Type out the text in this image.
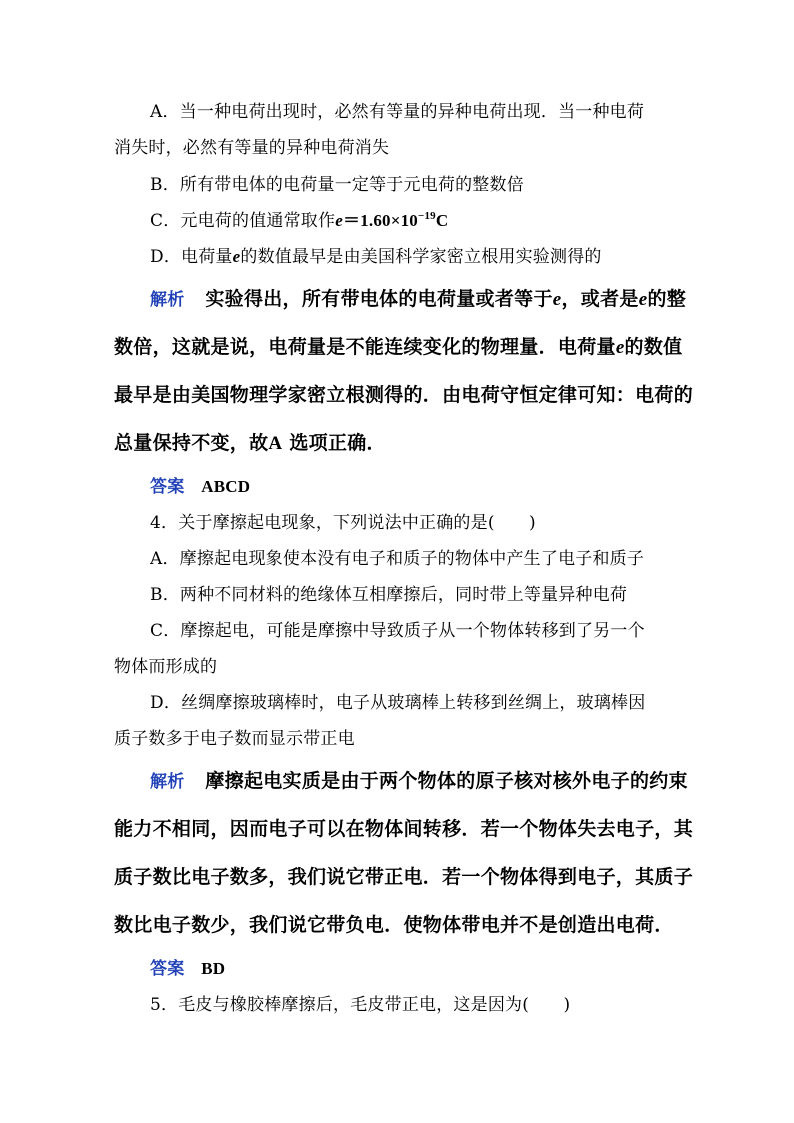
A．当一种电荷出现时，必然有等量的异种电荷出现．当一种电荷
消失时，必然有等量的异种电荷消失
B．所有带电体的电荷量一定等于元电荷的整数倍
C．元电荷的值通常取作$e=1.60\times 10^{-19}C$
D．电荷量e的数值最早是由美国科学家密立根用实验测得的
解析 实验得出，所有带电体的电荷量或者等于e，或者是e的整
数倍，这就是说，电荷量是不能连续变化的物理量．电荷量e的数值
最早是由美国物理学家密立根测得的．由电荷守恒定律可知：电荷的
总量保持不变，故A 选项正确．
答案 ABCD
4．关于摩擦起电现象，下列说法中正确的是(　　)
A．摩擦起电现象使本没有电子和质子的物体中产生了电子和质子
B．两种不同材料的绝缘体互相摩擦后，同时带上等量异种电荷
C．摩擦起电，可能是摩擦中导致质子从一个物体转移到了另一个
物体而形成的
D．丝绸摩擦玻璃棒时，电子从玻璃棒上转移到丝绸上，玻璃棒因
质子数多于电子数而显示带正电
解析 摩擦起电实质是由于两个物体的原子核对核外电子的约束
能力不相同，因而电子可以在物体间转移．若一个物体失去电子，其
质子数比电子数多，我们说它带正电．若一个物体得到电子，其质子
数比电子数少，我们说它带负电．使物体带电并不是创造出电荷．
答案 BD
5．毛皮与橡胶棒摩擦后，毛皮带正电，这是因为(　　)
